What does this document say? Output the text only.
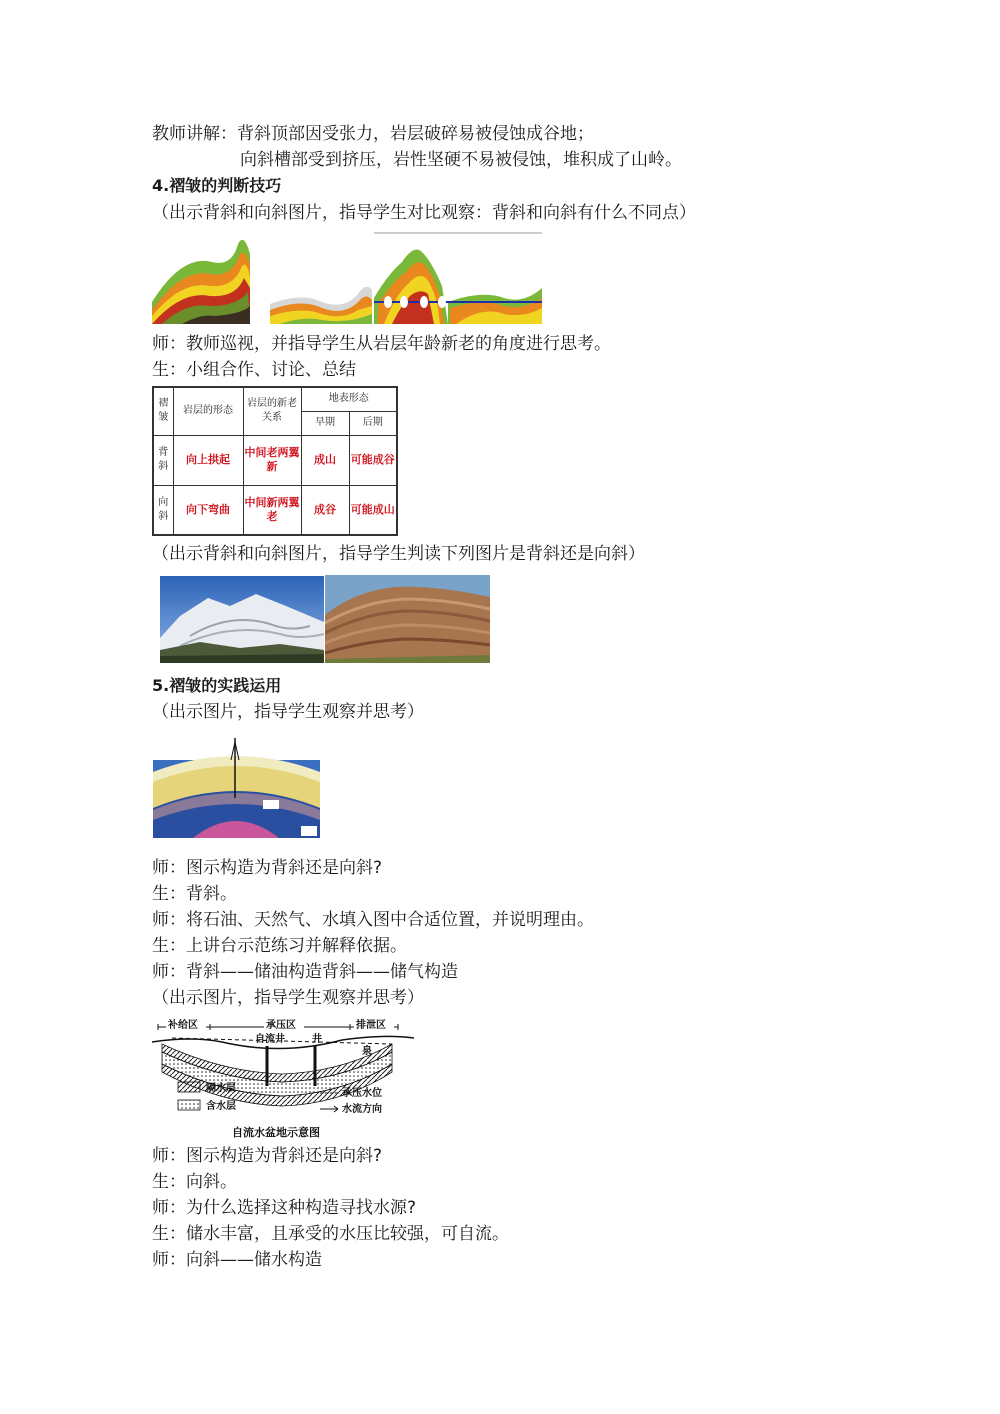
教师讲解：背斜顶部因受张力，岩层破碎易被侵蚀成谷地；
向斜槽部受到挤压，岩性坚硬不易被侵蚀，堆积成了山岭。
4.褶皱的判断技巧
（出示背斜和向斜图片，指导学生对比观察：背斜和向斜有什么不同点）
师：教师巡视，并指导学生从岩层年龄新老的角度进行思考。
生：小组合作、讨论、总结
褶皱	岩层的形态	岩层的新老关系	地表形态	
			早期	后期
背斜	向上拱起	中间老两翼新	成山	可能成谷
向斜	向下弯曲	中间新两翼老	成谷	可能成山
（出示背斜和向斜图片，指导学生判读下列图片是背斜还是向斜）
5.褶皱的实践运用
（出示图片，指导学生观察并思考）
师：图示构造为背斜还是向斜?
生：背斜。
师：将石油、天然气、水填入图中合适位置，并说明理由。
生：上讲台示范练习并解释依据。
师：背斜——储油构造背斜——储气构造
（出示图片，指导学生观察并思考）
补给区	承压区	排泄区
自流井	井
泉
隔水层
含水层
承压水位
水流方向
自流水盆地示意图
师：图示构造为背斜还是向斜?
生：向斜。
师：为什么选择这种构造寻找水源?
生：储水丰富，且承受的水压比较强，可自流。
师：向斜——储水构造
